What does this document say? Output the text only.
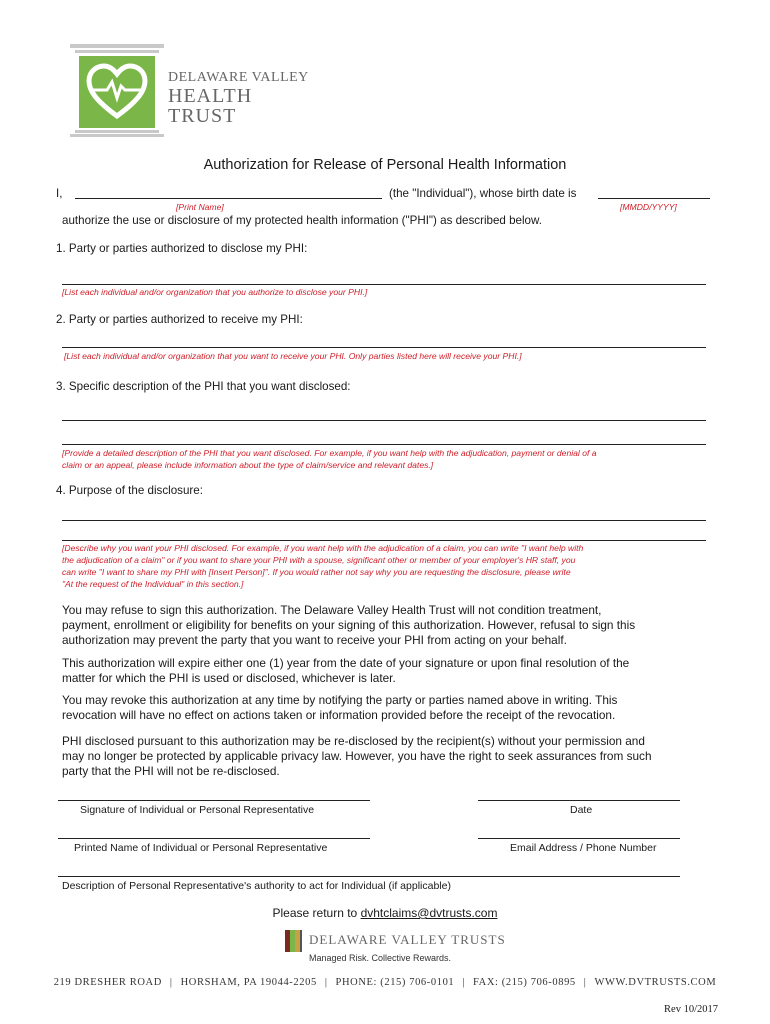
DELAWARE VALLEY
HEALTH
TRUST
Authorization for Release of Personal Health Information
I,	(the "Individual"), whose birth date is
[Print Name]	[MMDD/YYYY]
authorize the use or disclosure of my protected health information ("PHI") as described below.
1. Party or parties authorized to disclose my PHI:
[List each individual and/or organization that you authorize to disclose your PHI.]
2. Party or parties authorized to receive my PHI:
[List each individual and/or organization that you want to receive your PHI. Only parties listed here will receive your PHI.]
3. Specific description of the PHI that you want disclosed:
[Provide a detailed description of the PHI that you want disclosed. For example, if you want help with the adjudication, payment or denial of a
claim or an appeal, please include information about the type of claim/service and relevant dates.]
4. Purpose of the disclosure:
[Describe why you want your PHI disclosed. For example, if you want help with the adjudication of a claim, you can write "I want help with
the adjudication of a claim" or if you want to share your PHI with a spouse, significant other or member of your employer's HR staff, you
can write "I want to share my PHI with [Insert Person]". If you would rather not say why you are requesting the disclosure, please write
"At the request of the Individual" in this section.]
You may refuse to sign this authorization. The Delaware Valley Health Trust will not condition treatment,
payment, enrollment or eligibility for benefits on your signing of this authorization. However, refusal to sign this
authorization may prevent the party that you want to receive your PHI from acting on your behalf.
This authorization will expire either one (1) year from the date of your signature or upon final resolution of the
matter for which the PHI is used or disclosed, whichever is later.
You may revoke this authorization at any time by notifying the party or parties named above in writing. This
revocation will have no effect on actions taken or information provided before the receipt of the revocation.
PHI disclosed pursuant to this authorization may be re-disclosed by the recipient(s) without your permission and
may no longer be protected by applicable privacy law. However, you have the right to seek assurances from such
party that the PHI will not be re-disclosed.
Signature of Individual or Personal Representative	Date
Printed Name of Individual or Personal Representative	Email Address / Phone Number
Description of Personal Representative's authority to act for Individual (if applicable)
Please return to dvhtclaims@dvtrusts.com
DELAWARE VALLEY TRUSTS
Managed Risk. Collective Rewards.
219 DRESHER ROAD | HORSHAM, PA 19044-2205 | PHONE: (215) 706-0101 | FAX: (215) 706-0895 | WWW.DVTRUSTS.COM
Rev 10/2017
